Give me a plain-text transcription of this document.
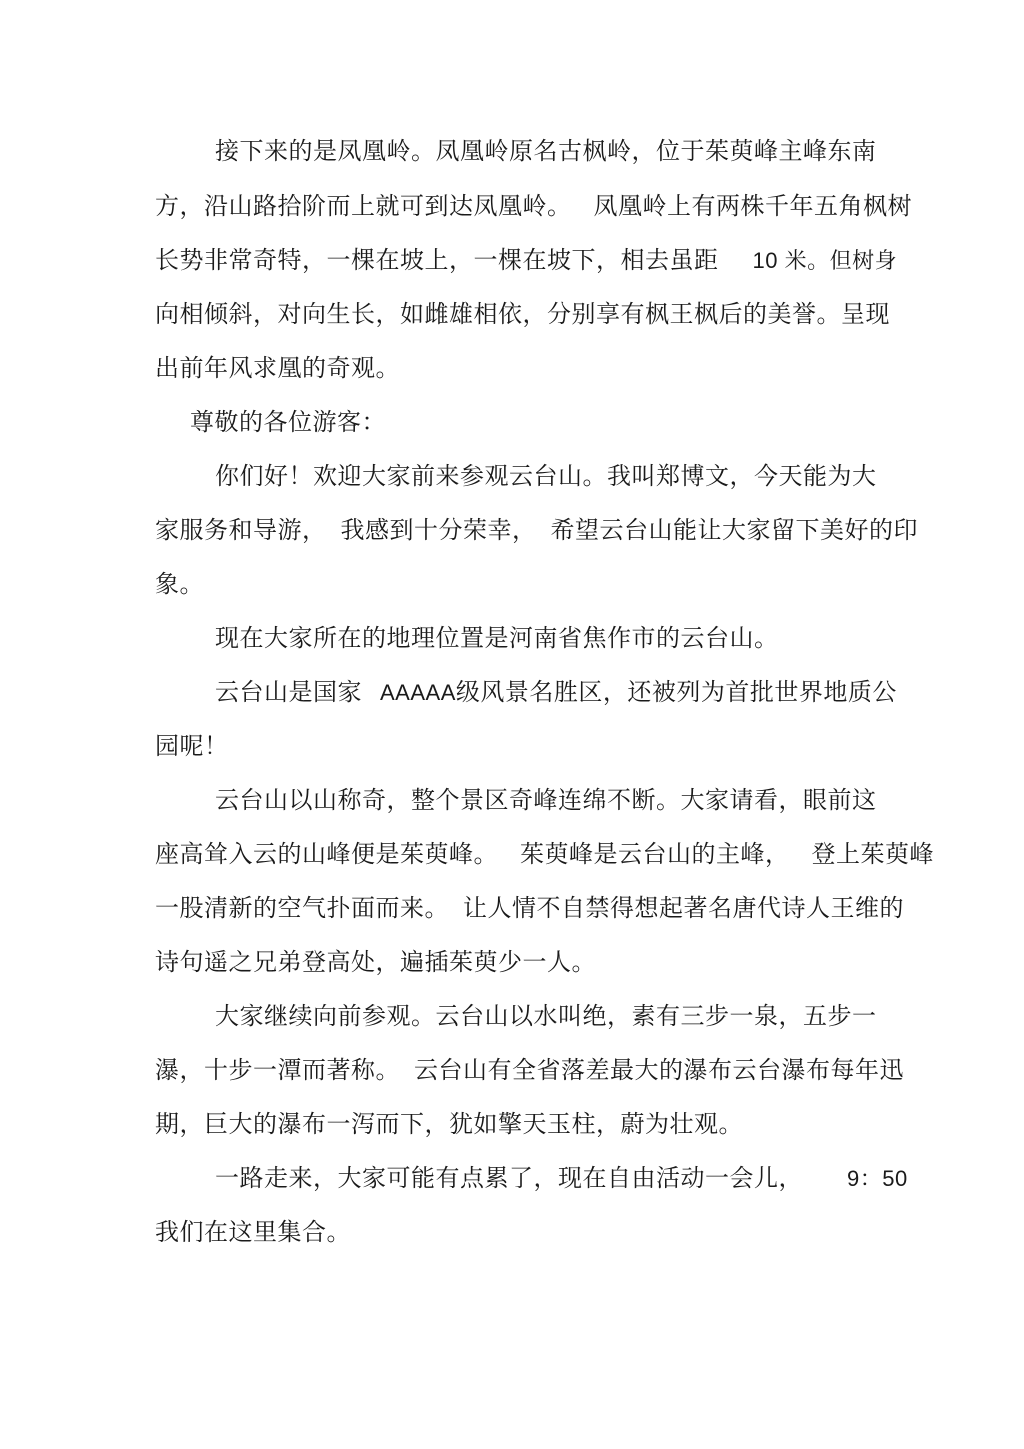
接下来的是凤凰岭。凤凰岭原名古枫岭，位于茱萸峰主峰东南
方，沿山路拾阶而上就可到达凤凰岭。 凤凰岭上有两株千年五角枫树
长势非常奇特，一棵在坡上，一棵在坡下，相去虽距 10 米。但树身
向相倾斜，对向生长，如雌雄相依，分别享有枫王枫后的美誉。呈现
出前年风求凰的奇观。
尊敬的各位游客：
你们好！欢迎大家前来参观云台山。我叫郑博文，今天能为大
家服务和导游， 我感到十分荣幸， 希望云台山能让大家留下美好的印
象。
现在大家所在的地理位置是河南省焦作市的云台山。
云台山是国家 AAAAA级风景名胜区，还被列为首批世界地质公
园呢！
云台山以山称奇，整个景区奇峰连绵不断。大家请看，眼前这
座高耸入云的山峰便是茱萸峰。 茱萸峰是云台山的主峰， 登上茱萸峰
一股清新的空气扑面而来。 让人情不自禁得想起著名唐代诗人王维的
诗句遥之兄弟登高处，遍插茱萸少一人。
大家继续向前参观。云台山以水叫绝，素有三步一泉，五步一
瀑，十步一潭而著称。 云台山有全省落差最大的瀑布云台瀑布每年迅
期，巨大的瀑布一泻而下，犹如擎天玉柱，蔚为壮观。
一路走来，大家可能有点累了，现在自由活动一会儿， 9：50
我们在这里集合。
